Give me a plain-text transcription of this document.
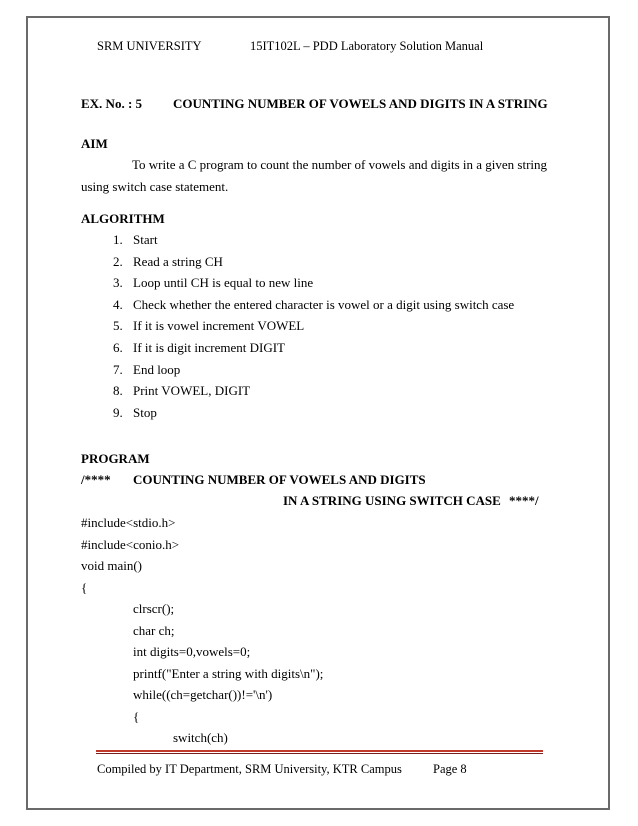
SRM UNIVERSITY	15IT102L – PDD Laboratory Solution Manual
EX. No. : 5 COUNTING NUMBER OF VOWELS AND DIGITS IN A STRING
AIM
To write a C program to count the number of vowels and digits in a given string
using switch case statement.
ALGORITHM
1. Start
2. Read a string CH
3. Loop until CH is equal to new line
4. Check whether the entered character is vowel or a digit using switch case
5. If it is vowel increment VOWEL
6. If it is digit increment DIGIT
7. End loop
8. Print VOWEL, DIGIT
9. Stop
PROGRAM
/**** COUNTING NUMBER OF VOWELS AND DIGITS
IN A STRING USING SWITCH CASE ****/
#include<stdio.h>
#include<conio.h>
void main()
{
clrscr();
char ch;
int digits=0,vowels=0;
printf("Enter a string with digits\n");
while((ch=getchar())!='\n')
{
switch(ch)
Compiled by IT Department, SRM University, KTR Campus Page 8
